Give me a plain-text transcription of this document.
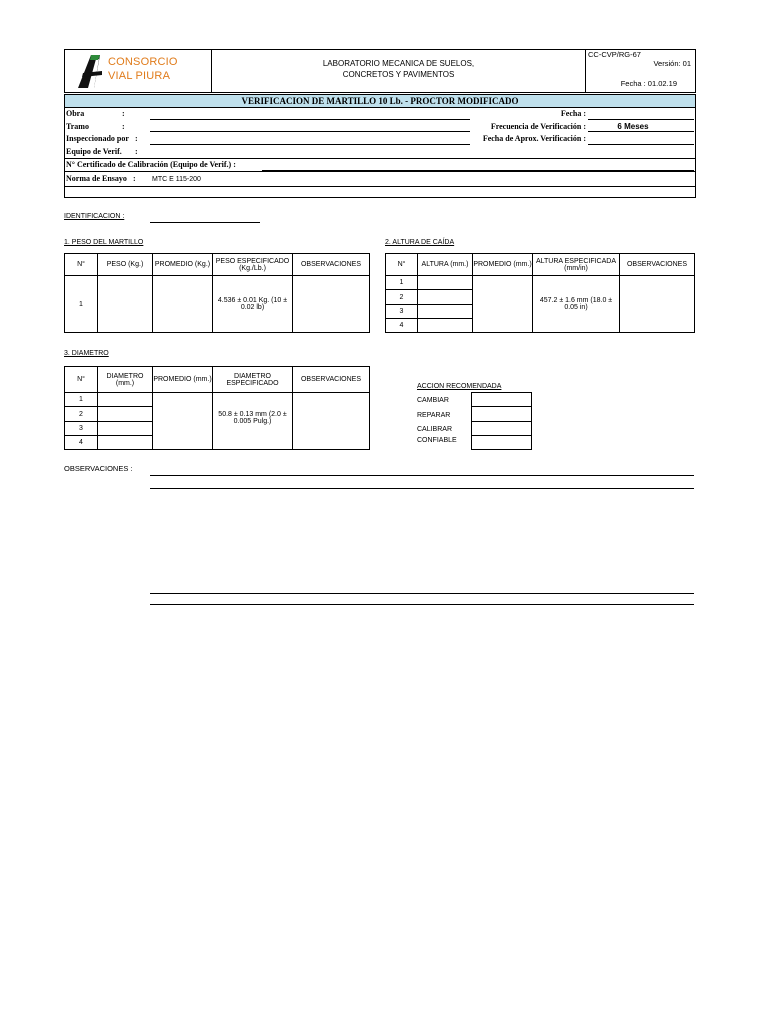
CONSORCIO
VIAL PIURA
LABORATORIO MECANICA DE SUELOS,
CONCRETOS Y PAVIMENTOS
CC-CVP/RG-67
Versión: 01
Fecha : 01.02.19
VERIFICACION DE MARTILLO 10 Lb. - PROCTOR MODIFICADO
Obra	:
Tramo	:
Inspeccionado por :
Equipo de Verif. :
N° Certificado de Calibración (Equipo de Verif.) :
Norma de Ensayo : MTC E 115-200
Fecha :
Frecuencia de Verificación :	6 Meses
Fecha de Aprox. Verificación :
IDENTIFICACION :
1. PESO DEL MARTILLO
N°	PESO (Kg.)	PROMEDIO (Kg.)	PESO ESPECIFICADO (Kg./Lb.)	OBSERVACIONES
1			4.536 ± 0.01 Kg. (10 ± 0.02 lb)	
2. ALTURA DE CAÍDA
N°	ALTURA (mm.)	PROMEDIO (mm.)	ALTURA ESPECIFICADA (mm/in)	OBSERVACIONES
1			457.2 ± 1.6 mm (18.0 ± 0.05 in)	
2				
3				
4				
3. DIAMETRO
N°	DIAMETRO (mm.)	PROMEDIO (mm.)	DIAMETRO ESPECIFICADO	OBSERVACIONES
1			50.8 ± 0.13 mm (2.0 ± 0.005 Pulg.)	
2				
3				
4				
ACCION RECOMENDADA
CAMBIAR
REPARAR
CALIBRAR
CONFIABLE

OBSERVACIONES :
